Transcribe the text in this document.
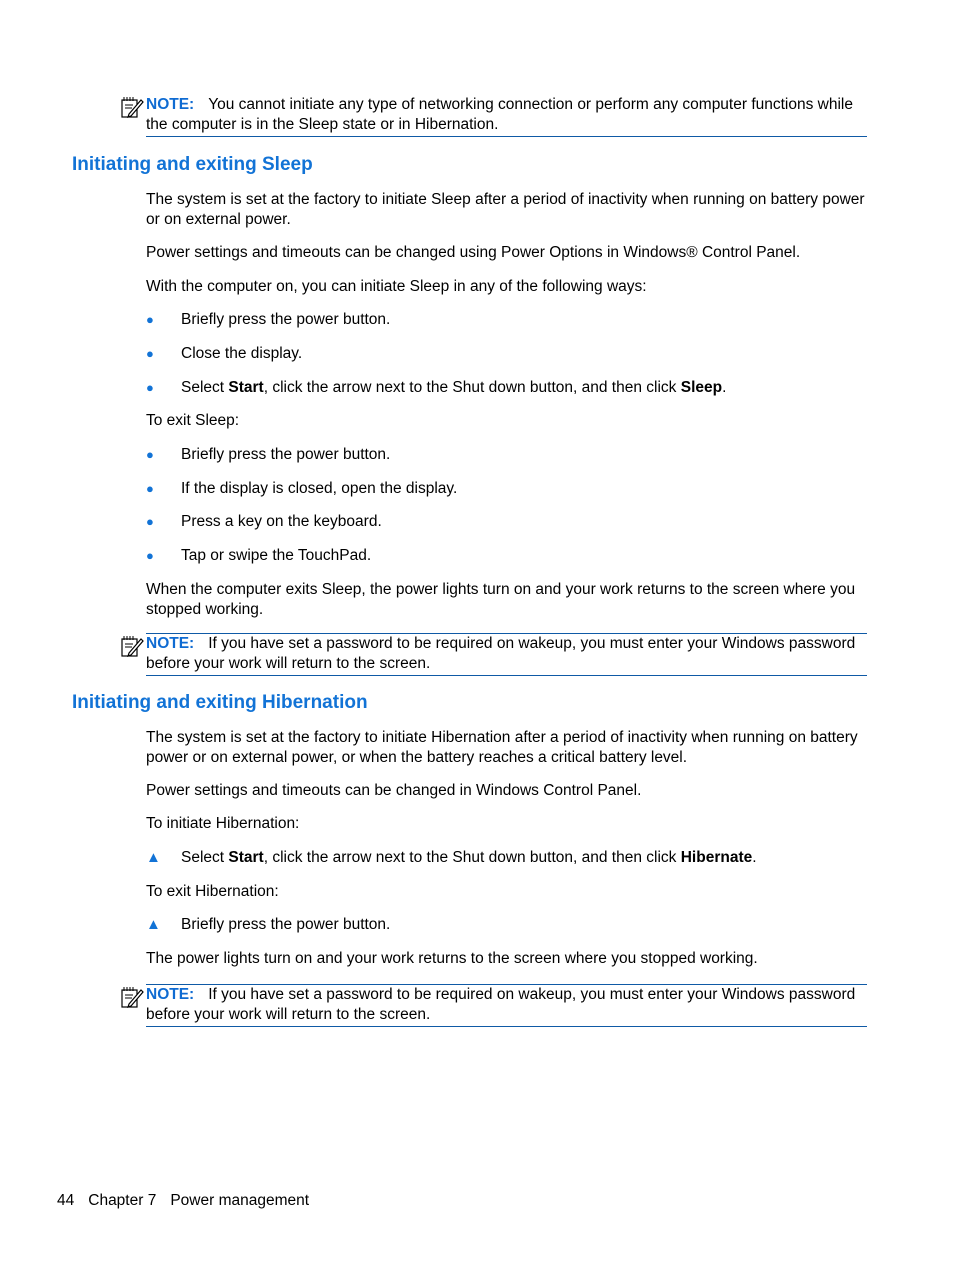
NOTE: You cannot initiate any type of networking connection or perform any computer functions while the computer is in the Sleep state or in Hibernation.
Initiating and exiting Sleep

The system is set at the factory to initiate Sleep after a period of inactivity when running on battery power or on external power.

Power settings and timeouts can be changed using Power Options in Windows® Control Panel.

With the computer on, you can initiate Sleep in any of the following ways:

● Briefly press the power button.
● Close the display.
● Select Start, click the arrow next to the Shut down button, and then click Sleep.

To exit Sleep:

● Briefly press the power button.
● If the display is closed, open the display.
● Press a key on the keyboard.
● Tap or swipe the TouchPad.

When the computer exits Sleep, the power lights turn on and your work returns to the screen where you stopped working.

NOTE: If you have set a password to be required on wakeup, you must enter your Windows password before your work will return to the screen.
Initiating and exiting Hibernation

The system is set at the factory to initiate Hibernation after a period of inactivity when running on battery power or on external power, or when the battery reaches a critical battery level.

Power settings and timeouts can be changed in Windows Control Panel.

To initiate Hibernation:

▲ Select Start, click the arrow next to the Shut down button, and then click Hibernate.

To exit Hibernation:

▲ Briefly press the power button.

The power lights turn on and your work returns to the screen where you stopped working.

NOTE: If you have set a password to be required on wakeup, you must enter your Windows password before your work will return to the screen.
44 Chapter 7 Power management
